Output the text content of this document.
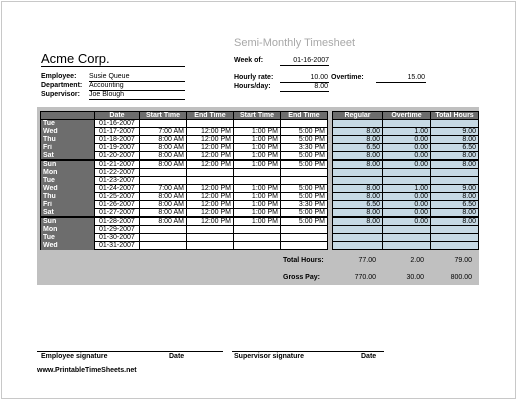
Acme Corp.
Semi-Monthly Timesheet
Employee: Susie Queue
Department: Accounting
Supervisor: Joe Blough
Week of:	01-16-2007
Hourly rate:	10.00 Overtime:	15.00
Hours/day:	8.00
	Date	Start Time	End Time	Start Time	End Time		Regular	Overtime	Total Hours
Tue	01-16-2007								
Wed	01-17-2007	7:00 AM	12:00 PM	1:00 PM	5:00 PM		8.00	1.00	9.00
Thu	01-18-2007	8:00 AM	12:00 PM	1:00 PM	5:00 PM		8.00	0.00	8.00
Fri	01-19-2007	8:00 AM	12:00 PM	1:00 PM	3:30 PM		6.50	0.00	6.50
Sat	01-20-2007	8:00 AM	12:00 PM	1:00 PM	5:00 PM		8.00	0.00	8.00
Sun	01-21-2007	8:00 AM	12:00 PM	1:00 PM	5:00 PM		8.00	0.00	8.00
Mon	01-22-2007								
Tue	01-23-2007								
Wed	01-24-2007	7:00 AM	12:00 PM	1:00 PM	5:00 PM		8.00	1.00	9.00
Thu	01-25-2007	8:00 AM	12:00 PM	1:00 PM	5:00 PM		8.00	0.00	8.00
Fri	01-26-2007	8:00 AM	12:00 PM	1:00 PM	3:30 PM		6.50	0.00	6.50
Sat	01-27-2007	8:00 AM	12:00 PM	1:00 PM	5:00 PM		8.00	0.00	8.00
Sun	01-28-2007	8:00 AM	12:00 PM	1:00 PM	5:00 PM		8.00	0.00	8.00
Mon	01-29-2007								
Tue	01-30-2007								
Wed	01-31-2007								
Total Hours:	77.00	2.00	79.00
Gross Pay:	770.00	30.00	800.00
Employee signature	Date	Supervisor signature	Date
www.PrintableTimeSheets.net
